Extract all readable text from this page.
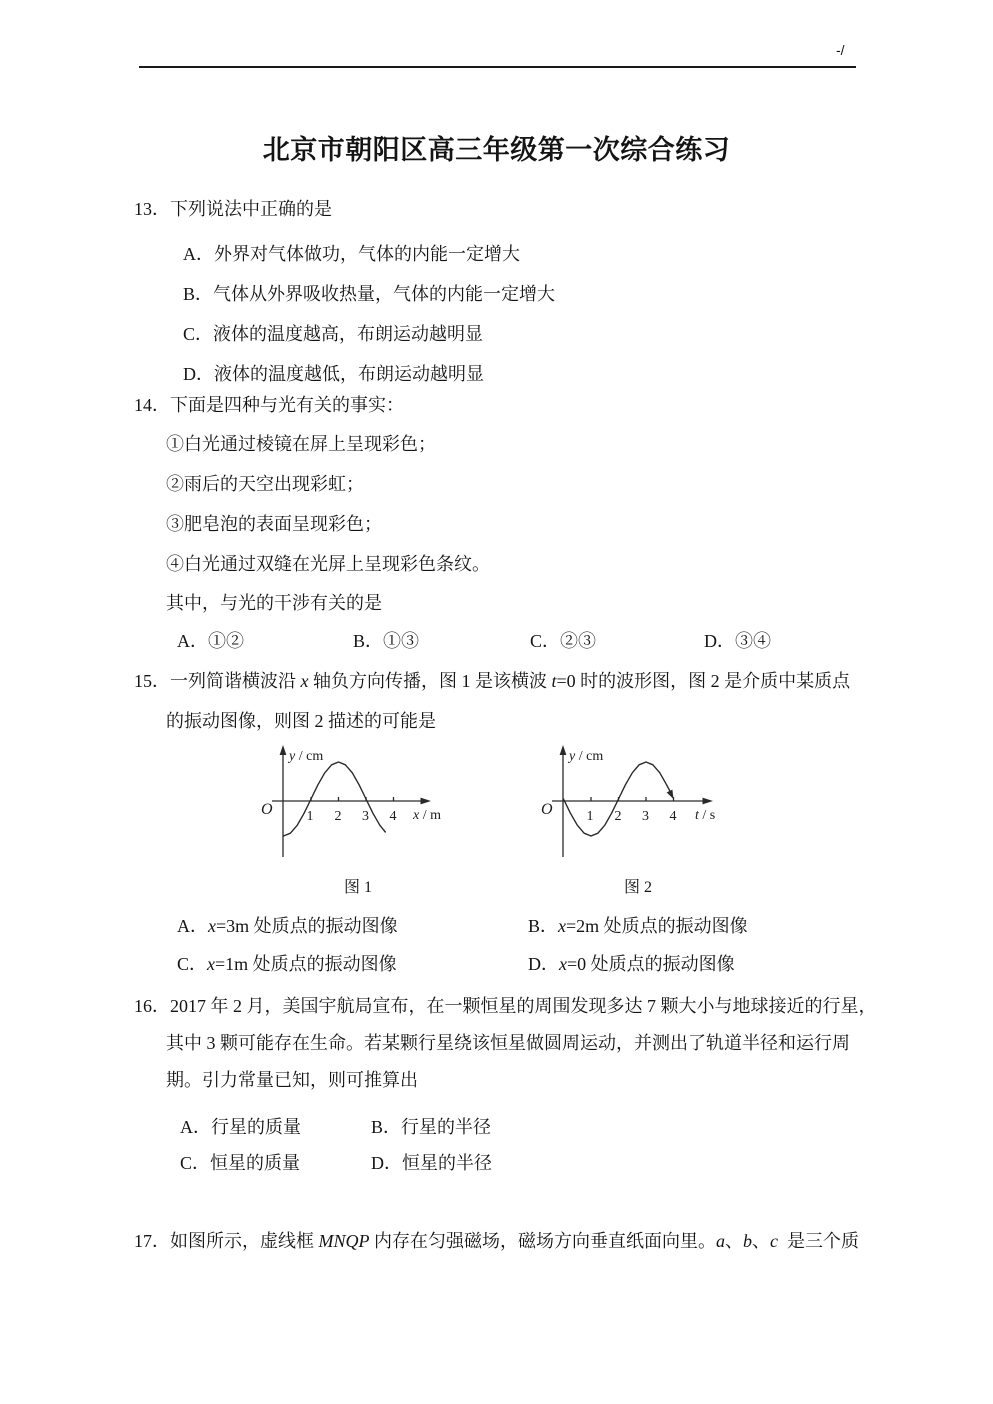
-/
北京市朝阳区高三年级第一次综合练习
13．下列说法中正确的是
A．外界对气体做功，气体的内能一定增大
B．气体从外界吸收热量，气体的内能一定增大
C．液体的温度越高，布朗运动越明显
D．液体的温度越低，布朗运动越明显
14．下面是四种与光有关的事实：
①白光通过棱镜在屏上呈现彩色；
②雨后的天空出现彩虹；
③肥皂泡的表面呈现彩色；
④白光通过双缝在光屏上呈现彩色条纹。
其中，与光的干涉有关的是
A．①②	B．①③	C．②③	D．③④
15．一列简谐横波沿 x 轴负方向传播，图 1 是该横波 t=0 时的波形图，图 2 是介质中某质点
的振动图像，则图 2 描述的可能是
y / cm
O 1 2 3 4 x / m
图 1
y / cm
O 1 2 3 4 t / s
图 2
A．x=3m 处质点的振动图像	B．x=2m 处质点的振动图像
C．x=1m 处质点的振动图像	D．x=0 处质点的振动图像
16．2017 年 2 月，美国宇航局宣布，在一颗恒星的周围发现多达 7 颗大小与地球接近的行星，
其中 3 颗可能存在生命。若某颗行星绕该恒星做圆周运动，并测出了轨道半径和运行周
期。引力常量已知，则可推算出
A．行星的质量	B．行星的半径
C．恒星的质量	D．恒星的半径
17．如图所示，虚线框 MNQP 内存在匀强磁场，磁场方向垂直纸面向里。a、b、c  是三个质
